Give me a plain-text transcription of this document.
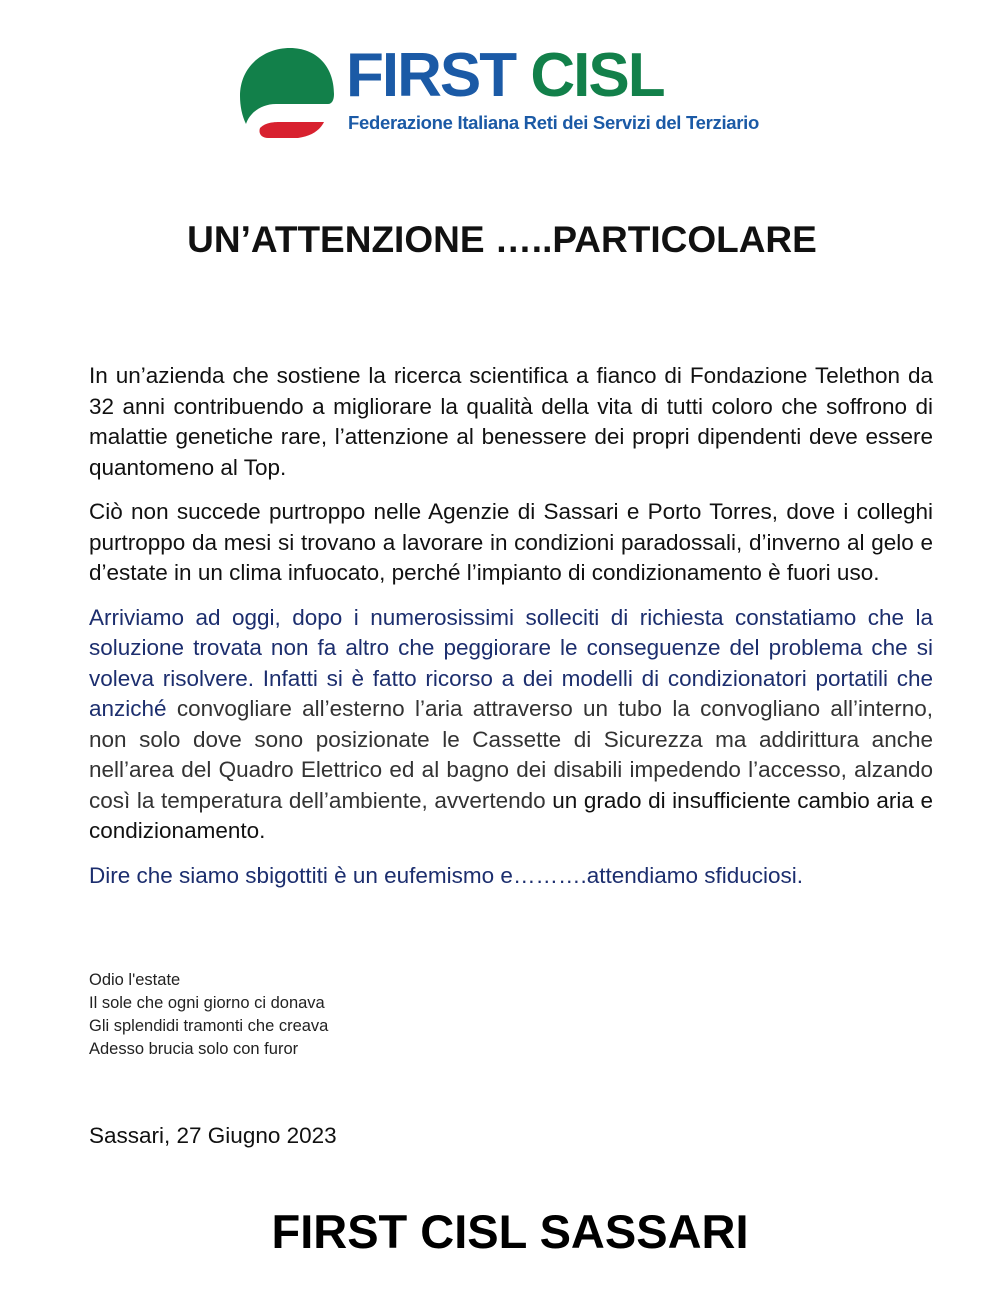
FIRST CISL
Federazione Italiana Reti dei Servizi del Terziario
UN’ATTENZIONE …..PARTICOLARE

In un’azienda che sostiene la ricerca scientifica a fianco di Fondazione Telethon da 32 anni contribuendo a migliorare la qualità della vita di tutti coloro che soffrono di malattie genetiche rare, l’attenzione al benessere dei propri dipendenti deve essere quantomeno al Top.

Ciò non succede purtroppo nelle Agenzie di Sassari e Porto Torres, dove i colleghi purtroppo da mesi si trovano a lavorare in condizioni paradossali, d’inverno al gelo e d’estate in un clima infuocato, perché l’impianto di condizionamento è fuori uso.

Arriviamo ad oggi, dopo i numerosissimi solleciti di richiesta constatiamo che la soluzione trovata non fa altro che peggiorare le conseguenze del problema che si voleva risolvere. Infatti si è fatto ricorso a dei modelli di condizionatori portatili che anziché convogliare all’esterno l’aria attraverso un tubo la convogliano all’interno, non solo dove sono posizionate le Cassette di Sicurezza ma addirittura anche nell’area del Quadro Elettrico ed al bagno dei disabili impedendo l’accesso, alzando così la temperatura dell’ambiente, avvertendo un grado di insufficiente cambio aria e condizionamento.

Dire che siamo sbigottiti è un eufemismo e……….attendiamo sfiduciosi.

Odio l'estate
Il sole che ogni giorno ci donava
Gli splendidi tramonti che creava
Adesso brucia solo con furor
Sassari, 27 Giugno 2023
FIRST CISL SASSARI
